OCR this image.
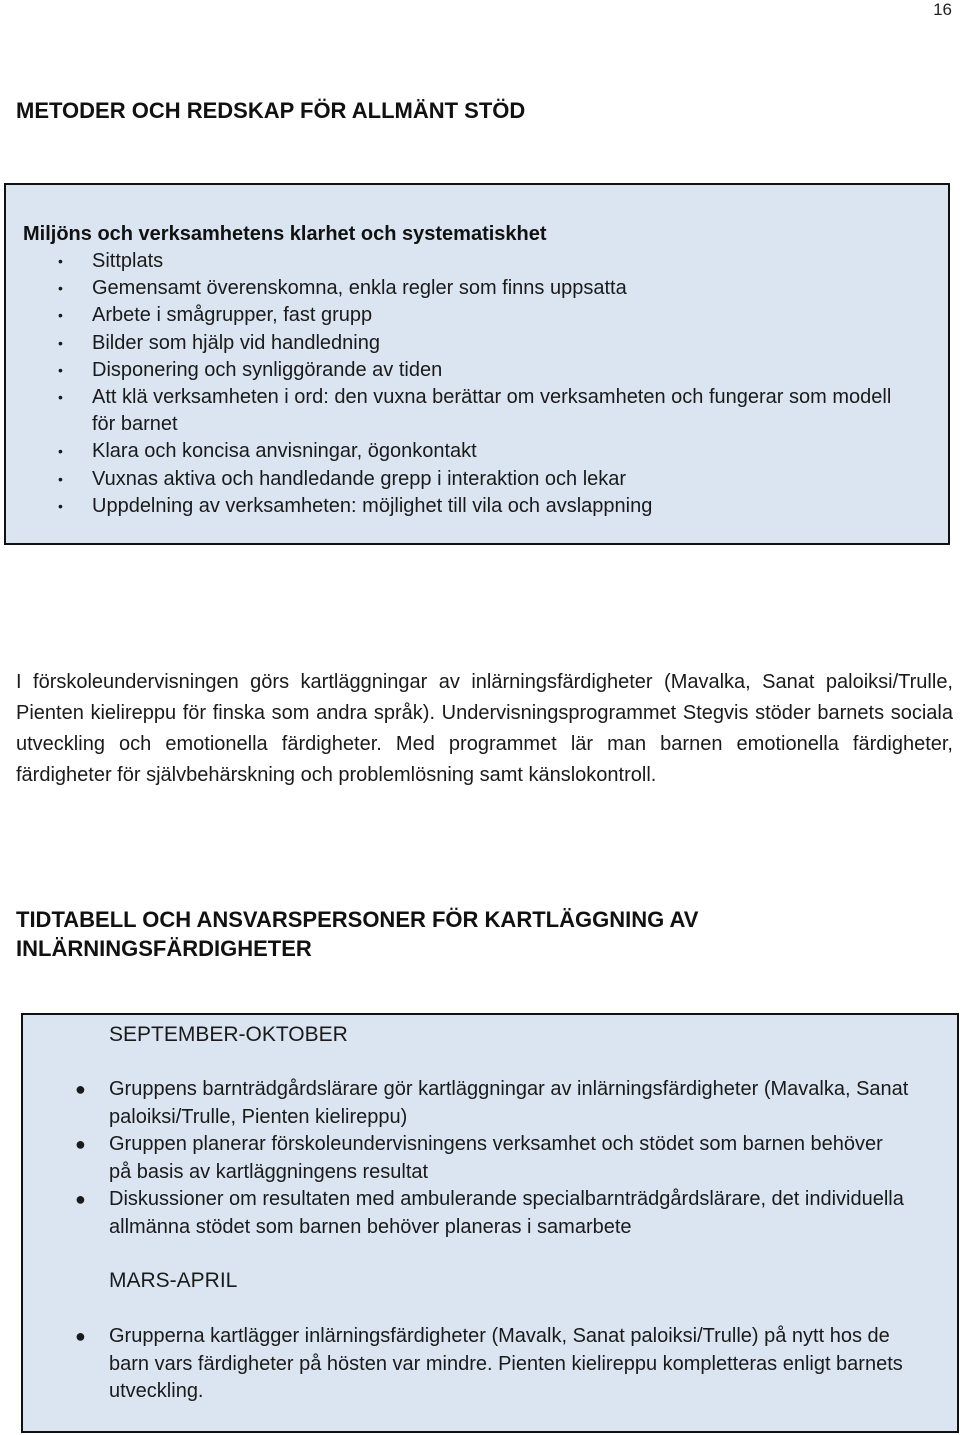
16
METODER OCH REDSKAP FÖR ALLMÄNT STÖD
Miljöns och verksamhetens klarhet och systematiskhet
• Sittplats
• Gemensamt överenskomna, enkla regler som finns uppsatta
• Arbete i smågrupper, fast grupp
• Bilder som hjälp vid handledning
• Disponering och synliggörande av tiden
• Att klä verksamheten i ord: den vuxna berättar om verksamheten och fungerar som modell för barnet
• Klara och koncisa anvisningar, ögonkontakt
• Vuxnas aktiva och handledande grepp i interaktion och lekar
• Uppdelning av verksamheten: möjlighet till vila och avslappning

I förskoleundervisningen görs kartläggningar av inlärningsfärdigheter (Mavalka, Sanat paloiksi/Trulle, Pienten kielireppu för finska som andra språk). Undervisningsprogrammet Stegvis stöder barnets sociala utveckling och emotionella färdigheter. Med programmet lär man barnen emotionella färdigheter, färdigheter för självbehärskning och problemlösning samt känslokontroll.

TIDTABELL OCH ANSVARSPERSONER FÖR KARTLÄGGNING AV
INLÄRNINGSFÄRDIGHETER
SEPTEMBER-OKTOBER
● Gruppens barnträdgårdslärare gör kartläggningar av inlärningsfärdigheter (Mavalka, Sanat paloiksi/Trulle, Pienten kielireppu)
● Gruppen planerar förskoleundervisningens verksamhet och stödet som barnen behöver på basis av kartläggningens resultat
● Diskussioner om resultaten med ambulerande specialbarnträdgårdslärare, det individuella allmänna stödet som barnen behöver planeras i samarbete
MARS-APRIL
● Grupperna kartlägger inlärningsfärdigheter (Mavalk, Sanat paloiksi/Trulle) på nytt hos de barn vars färdigheter på hösten var mindre. Pienten kielireppu kompletteras enligt barnets utveckling.
